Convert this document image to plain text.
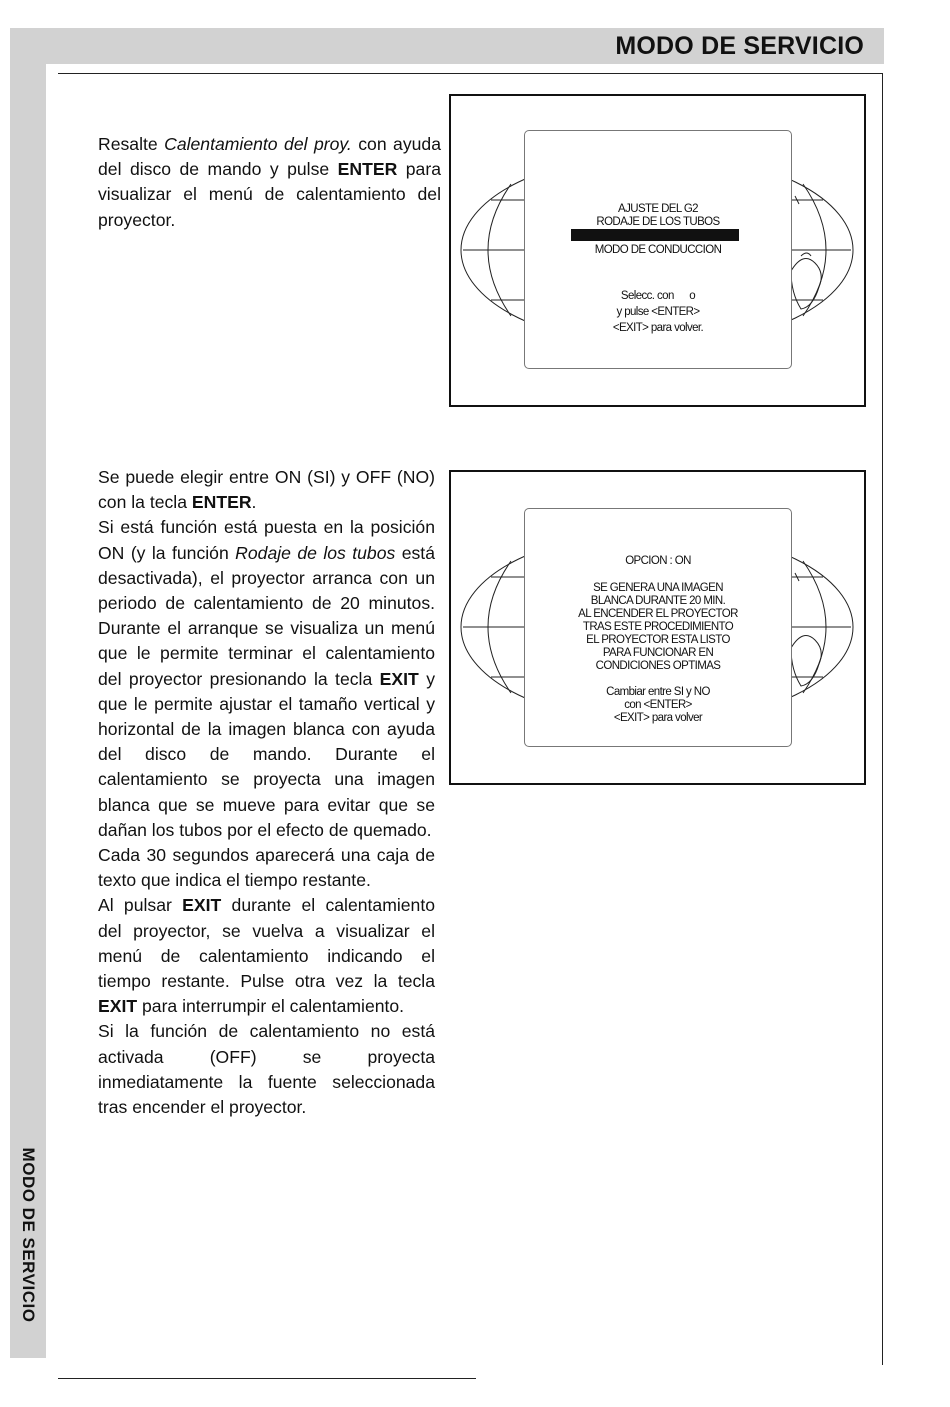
MODO DE SERVICIO
MODO DE SERVICIO

Resalte Calentamiento del proy. con ayuda del disco de mando y pulse ENTER para visualizar el menú de calentamiento del proyector.

AJUSTE DEL G2
RODAJE DE LOS TUBOS
MODO DE CONDUCCION
Selecc. con      o
y pulse <ENTER>
<EXIT> para volver.

Se puede elegir entre ON (SI) y OFF (NO) con la tecla ENTER.

Si está función está puesta en la posición ON (y la función Rodaje de los tubos está desactivada), el proyector arranca con un periodo de calentamiento de 20 minutos. Durante el arranque se visualiza un menú que le permite terminar el calentamiento del proyector presionando la tecla EXIT y que le permite ajustar el tamaño vertical y horizontal de la imagen blanca con ayuda del disco de mando. Durante el calentamiento se proyecta una imagen blanca que se mueve para evitar que se dañan los tubos por el efecto de quemado.

Cada 30 segundos aparecerá una caja de texto que indica el tiempo restante.

Al pulsar EXIT durante el calentamiento del proyector, se vuelva a visualizar el menú de calentamiento indicando el tiempo restante. Pulse otra vez la tecla EXIT para interrumpir el calentamiento.

Si la función de calentamiento no está activada (OFF) se proyecta inmediatamente la fuente seleccionada tras encender el proyector.

OPCION : ON
SE GENERA UNA IMAGEN
BLANCA DURANTE 20 MIN.
AL ENCENDER EL PROYECTOR
TRAS ESTE PROCEDIMIENTO
EL PROYECTOR ESTA LISTO
PARA FUNCIONAR EN
CONDICIONES OPTIMAS
Cambiar entre SI y NO
con <ENTER>
<EXIT> para volver
